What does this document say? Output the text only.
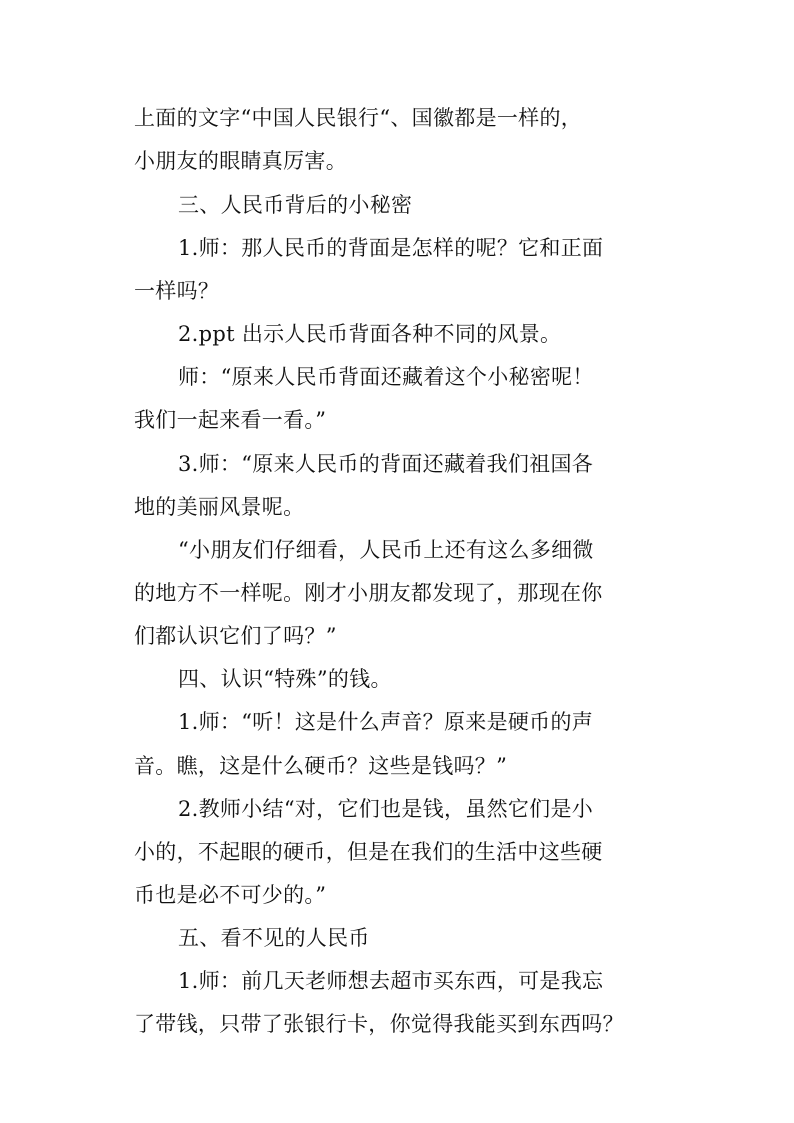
上面的文字“中国人民银行“、国徽都是一样的，
小朋友的眼睛真厉害。
三、人民币背后的小秘密
1.师：那人民币的背面是怎样的呢？它和正面
一样吗？
2.ppt 出示人民币背面各种不同的风景。
师：“原来人民币背面还藏着这个小秘密呢！
我们一起来看一看。”
3.师：“原来人民币的背面还藏着我们祖国各
地的美丽风景呢。
“小朋友们仔细看，人民币上还有这么多细微
的地方不一样呢。刚才小朋友都发现了，那现在你
们都认识它们了吗？”
四、认识“特殊”的钱。
1.师：“听！这是什么声音？原来是硬币的声
音。瞧，这是什么硬币？这些是钱吗？”
2.教师小结“对，它们也是钱，虽然它们是小
小的，不起眼的硬币，但是在我们的生活中这些硬
币也是必不可少的。”
五、看不见的人民币
1.师：前几天老师想去超市买东西，可是我忘
了带钱，只带了张银行卡，你觉得我能买到东西吗？
